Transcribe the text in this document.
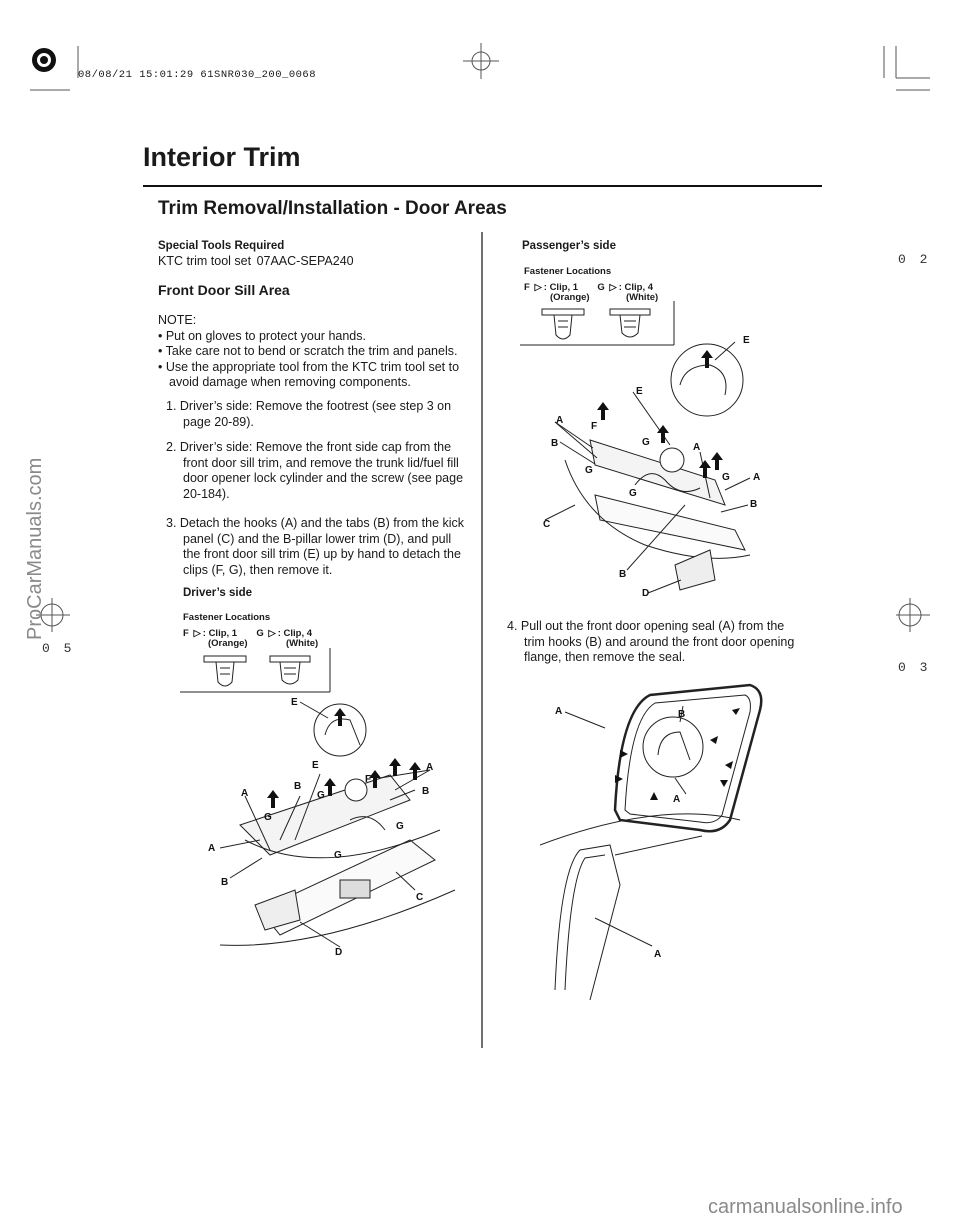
08/08/21 15:01:29 61SNR030_200_0068
Interior Trim
Trim Removal/Installation - Door Areas
0 2
0 3
0 5
ProCarManuals.com
carmanualsonline.info
Special Tools Required
KTC trim tool set 07AAC-SEPA240
Front Door Sill Area
NOTE:
• Put on gloves to protect your hands.
• Take care not to bend or scratch the trim and panels.
• Use the appropriate tool from the KTC trim tool set to avoid damage when removing components.
1. Driver’s side: Remove the footrest (see step 3 on page 20-89).
2. Driver’s side: Remove the front side cap from the front door sill trim, and remove the trunk lid/fuel fill door opener lock cylinder and the screw (see page 20-184).
3. Detach the hooks (A) and the tabs (B) from the kick panel (C) and the B-pillar lower trim (D), and pull the front door sill trim (E) up by hand to detach the clips (F, G), then remove it.
Driver’s side
Fastener Locations
F ▷ : Clip, 1 G ▷ : Clip, 4
(Orange)	(White)
E
E
F
A
B
G	B
A
G
G
A
G
B
C
D
Passenger’s side
Fastener Locations
F ▷ : Clip, 1 G ▷ : Clip, 4
(Orange)	(White)
E
E
A
F
G	A
B
G
G A
G
B
C
B
D
4. Pull out the front door opening seal (A) from the trim hooks (B) and around the front door opening flange, then remove the seal.
A	B
A
A
